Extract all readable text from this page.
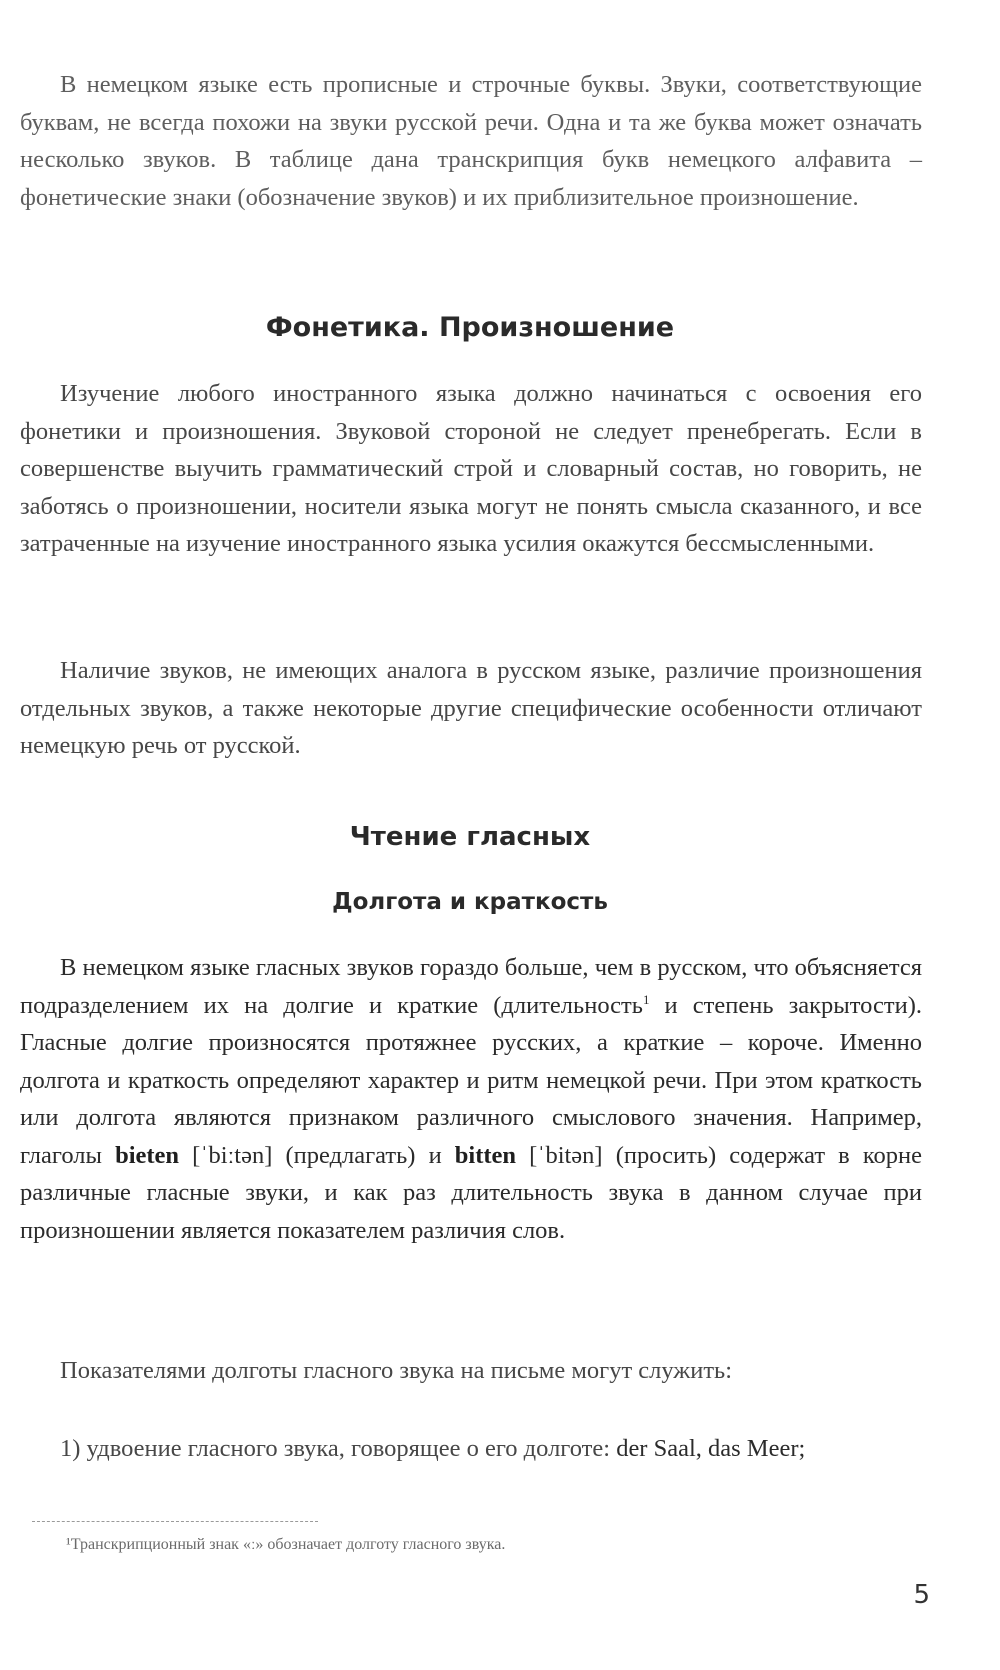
В немецком языке есть прописные и строчные буквы. Звуки, соответствующие буквам, не всегда похожи на звуки русской речи. Одна и та же буква может означать несколько звуков. В таблице дана транскрипция букв немецкого алфавита – фонетические знаки (обозначение звуков) и их приблизительное произношение.

Фонетика. Произношение

Изучение любого иностранного языка должно начинаться с освоения его фонетики и произношения. Звуковой стороной не следует пренебрегать. Если в совершенстве выучить грамматический строй и словарный состав, но говорить, не заботясь о произношении, носители языка могут не понять смысла сказанного, и все затраченные на изучение иностранного языка усилия окажутся бессмысленными.

Наличие звуков, не имеющих аналога в русском языке, различие произношения отдельных звуков, а также некоторые другие специфические особенности отличают немецкую речь от русской.

Чтение гласных
Долгота и краткость

В немецком языке гласных звуков гораздо больше, чем в русском, что объясняется подразделением их на долгие и краткие (длительность$^1$ и степень закрытости). Гласные долгие произносятся протяжнее русских, а краткие – короче. Именно долгота и краткость определяют характер и ритм немецкой речи. При этом краткость или долгота являются признаком различного смыслового значения. Например, глаголы bieten [ˈbiːtən] (предлагать) и bitten [ˈbitən] (просить) содержат в корне различные гласные звуки, и как раз длительность звука в данном случае при произношении является показателем различия слов.

Показателями долготы гласного звука на письме могут служить:

1) удвоение гласного звука, говорящее о его долготе: der Saal, das Meer;

¹Транскрипционный знак «ː» обозначает долготу гласного звука.

5
